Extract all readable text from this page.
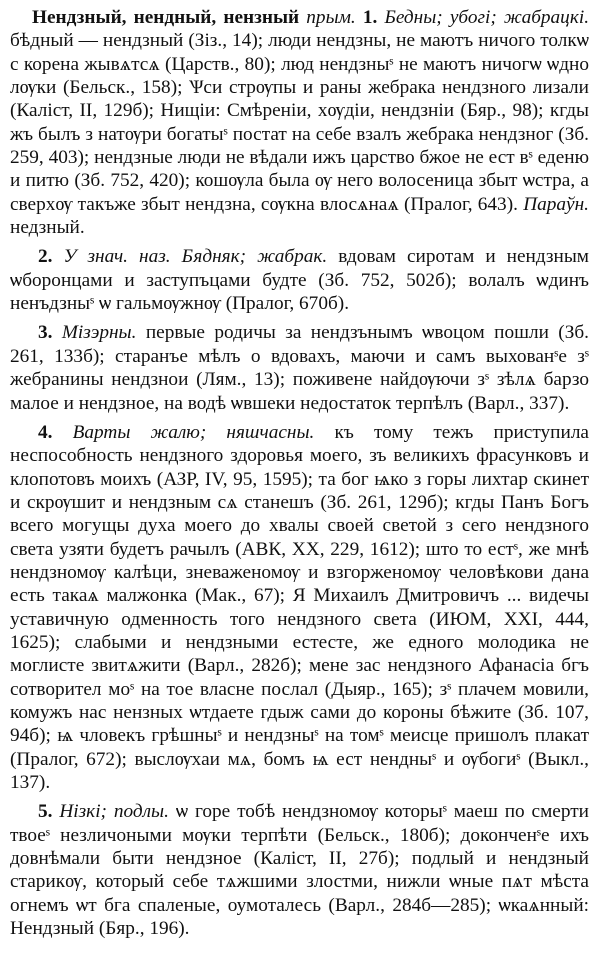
Нендзный, нендный, нензный прым. 1. Бедны; убогі; жабрацкі. бѣдный — нендзный (Зіз., 14); люди нендзны, не маютъ ничого толкѡ с корена жывѧтсѧ (Царств., 80); люд нендзныˢ не маютъ ничогѡ ѡдно лѹки (Бельск., 158); Ѱси стрѹпы и раны жебрака нендзного лизали (Каліст, II, 129б); Нищіи: Смѣреніи, хѹдіи, нендзніи (Бяр., 98); кгды жъ былъ з натѹри богатыˢ постат на себе взалъ жебрака нендзног (Зб. 259, 403); нендзные люди не вѣдали ижъ царство бжое не ест вˢ еденю и питю (Зб. 752, 420); кошѹла была ѹ него волосеница збыт ѡстра, а сверхѹ такъже збыт нендзна, сѹкна влосѧнаѧ (Пралог, 643). Параўн. недзный.

2. У знач. наз. Бядняк; жабрак. вдовам сиротам и нендзным ѡборонцами и заступъцами будте (Зб. 752, 502б); волалъ ѡдинъ ненъдзныˢ ѡ гальмѹжнѹ (Пралог, 670б).

3. Мізэрны. первые родичы за нендзънымъ ѡвоцом пошли (Зб. 261, 133б); старанъе мѣлъ о вдовахъ, маючи и самъ выхованˢе зˢ жебранины нендзнои (Лям., 13); поживене найдѹючи зˢ зѣлѧ барзо малое и нендзное, на водѣ ѡвшеки недостаток терпѣлъ (Варл., 337).

4. Варты жалю; няшчасны. къ тому тежъ приступила неспособность нендзного здоровья моего, зъ великихъ фрасунковъ и клопотовъ моихъ (АЗР, IV, 95, 1595); та бог ѩко з горы лихтар скинет и скрѹшит и нендзным сѧ станешъ (Зб. 261, 129б); кгды Панъ Богъ всего могущы духа моего до хвалы своей светой з сего нендзного света узяти будетъ рачылъ (АВК, XX, 229, 1612); што то естˢ, же мнѣ нендзномѹ калѣци, зневаженомѹ и взгорженомѹ человѣкови дана есть такаѧ малжонка (Мак., 67); Я Михаилъ Дмитровичъ ... видечы уставичную одменность того нендзного света (ИЮМ, XXI, 444, 1625); слабыми и нендзными естесте, же едного молодика не моглисте звитѧжити (Варл., 282б); мене зас нендзного Афанасіа бгъ сотворител моˢ на тое власне послал (Дыяр., 165); зˢ плачем мовили, комужъ нас нензных ѡтдаете гдыж сами до короны бѣжите (Зб. 107, 94б); ѩ чловекъ грѣшныˢ и нендзныˢ на томˢ меисце пришолъ плакат (Пралог, 672); выслѹхаи мѧ, бомъ ѩ ест нендныˢ и ѹбогиˢ (Выкл., 137).

5. Нізкі; подлы. ѡ горе тобѣ нендзномѹ которыˢ маеш по смерти твоеˢ незличоными мѹки терпѣти (Бельск., 180б); доконченˢе ихъ довнѣмали быти нендзное (Каліст, II, 27б); подлый и нендзный старикѹ, который себе тѧжшими злостми, нижли ѡные пѧт мѣста огнемъ ѡт бга спаленые, оумоталесь (Варл., 284б—285); ѡкаѧнный: Нендзный (Бяр., 196).
